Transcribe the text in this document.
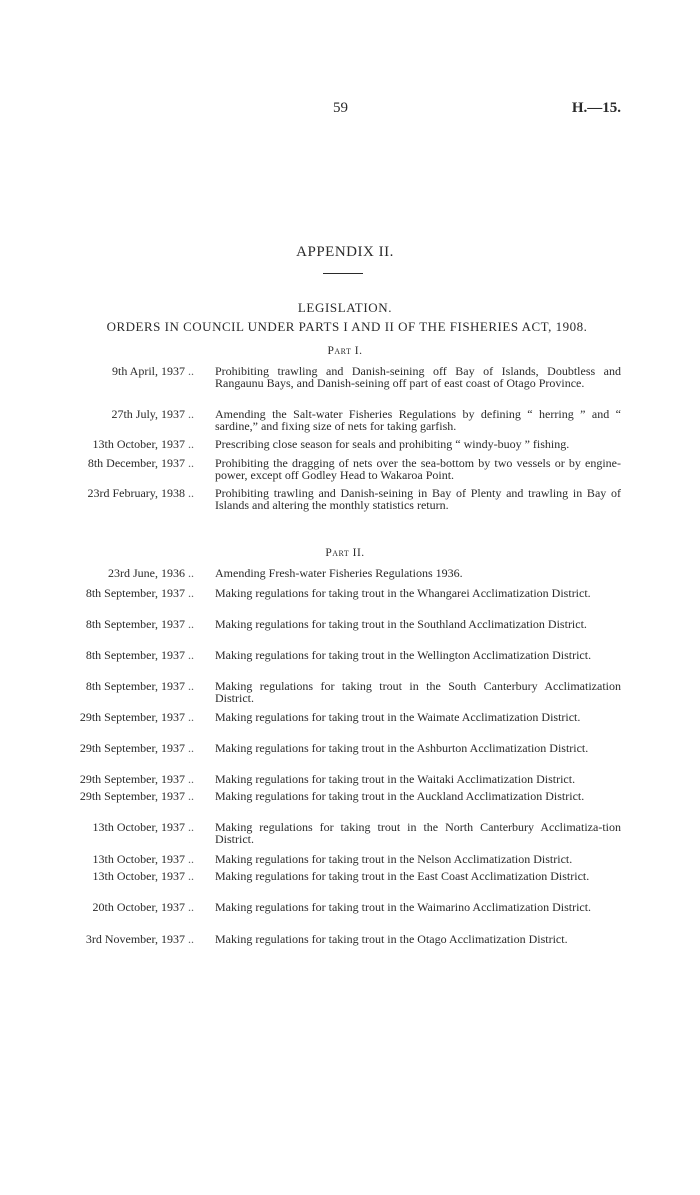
59	H.—15.
APPENDIX II.
LEGISLATION.
ORDERS IN COUNCIL UNDER PARTS I AND II OF THE FISHERIES ACT, 1908.
Part I.
9th April, 1937 .. Prohibiting trawling and Danish-seining off Bay of Islands, Doubtless and Rangaunu Bays, and Danish-seining off part of east coast of Otago Province.
27th July, 1937 .. Amending the Salt-water Fisheries Regulations by defining “ herring ” and “ sardine,” and fixing size of nets for taking garfish.
13th October, 1937 .. Prescribing close season for seals and prohibiting “ windy-buoy ” fishing.
8th December, 1937 .. Prohibiting the dragging of nets over the sea-bottom by two vessels or by engine-power, except off Godley Head to Wakaroa Point.
23rd February, 1938 .. Prohibiting trawling and Danish-seining in Bay of Plenty and trawling in Bay of Islands and altering the monthly statistics return.
Part II.
23rd June, 1936 .. Amending Fresh-water Fisheries Regulations 1936.
8th September, 1937 .. Making regulations for taking trout in the Whangarei Acclimatization District.
8th September, 1937 .. Making regulations for taking trout in the Southland Acclimatization District.
8th September, 1937 .. Making regulations for taking trout in the Wellington Acclimatization District.
8th September, 1937 .. Making regulations for taking trout in the South Canterbury Acclimatization District.
29th September, 1937 .. Making regulations for taking trout in the Waimate Acclimatization District.
29th September, 1937 .. Making regulations for taking trout in the Ashburton Acclimatization District.
29th September, 1937 .. Making regulations for taking trout in the Waitaki Acclimatization District.
29th September, 1937 .. Making regulations for taking trout in the Auckland Acclimatization District.
13th October, 1937 .. Making regulations for taking trout in the North Canterbury Acclimatiza-tion District.
13th October, 1937 .. Making regulations for taking trout in the Nelson Acclimatization District.
13th October, 1937 .. Making regulations for taking trout in the East Coast Acclimatization District.
20th October, 1937 .. Making regulations for taking trout in the Waimarino Acclimatization District.
3rd November, 1937 .. Making regulations for taking trout in the Otago Acclimatization District.
